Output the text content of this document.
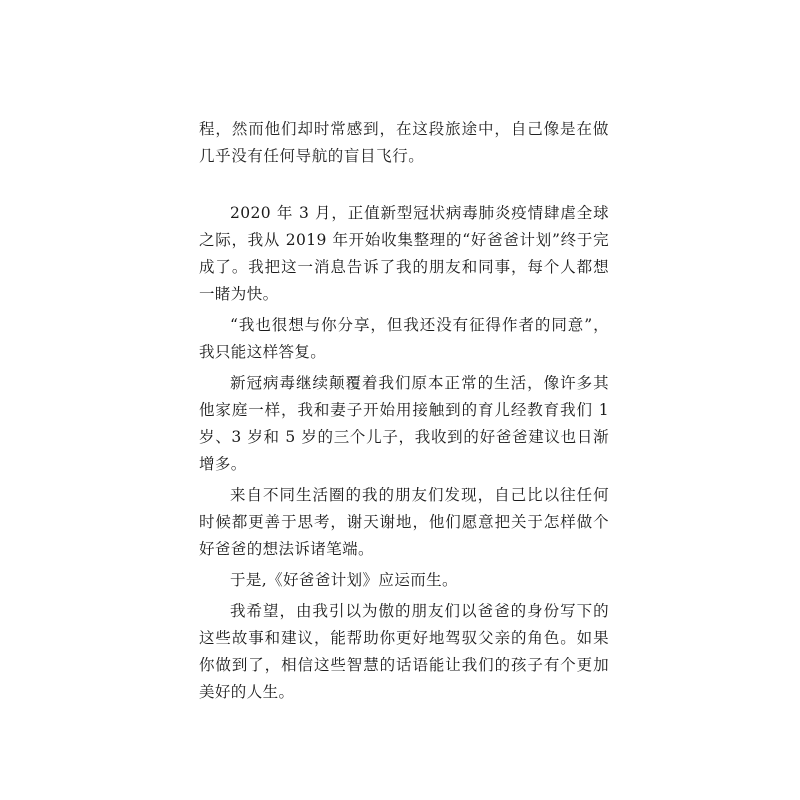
程，然而他们却时常感到，在这段旅途中，自己像是在做几乎没有任何导航的盲目飞行。

2020 年 3 月，正值新型冠状病毒肺炎疫情肆虐全球之际，我从 2019 年开始收集整理的“好爸爸计划”终于完成了。我把这一消息告诉了我的朋友和同事，每个人都想一睹为快。

“我也很想与你分享，但我还没有征得作者的同意”，我只能这样答复。

新冠病毒继续颠覆着我们原本正常的生活，像许多其他家庭一样，我和妻子开始用接触到的育儿经教育我们 1 岁、3 岁和 5 岁的三个儿子，我收到的好爸爸建议也日渐增多。

来自不同生活圈的我的朋友们发现，自己比以往任何时候都更善于思考，谢天谢地，他们愿意把关于怎样做个好爸爸的想法诉诸笔端。

于是,《好爸爸计划》应运而生。

我希望，由我引以为傲的朋友们以爸爸的身份写下的这些故事和建议，能帮助你更好地驾驭父亲的角色。如果你做到了，相信这些智慧的话语能让我们的孩子有个更加美好的人生。
